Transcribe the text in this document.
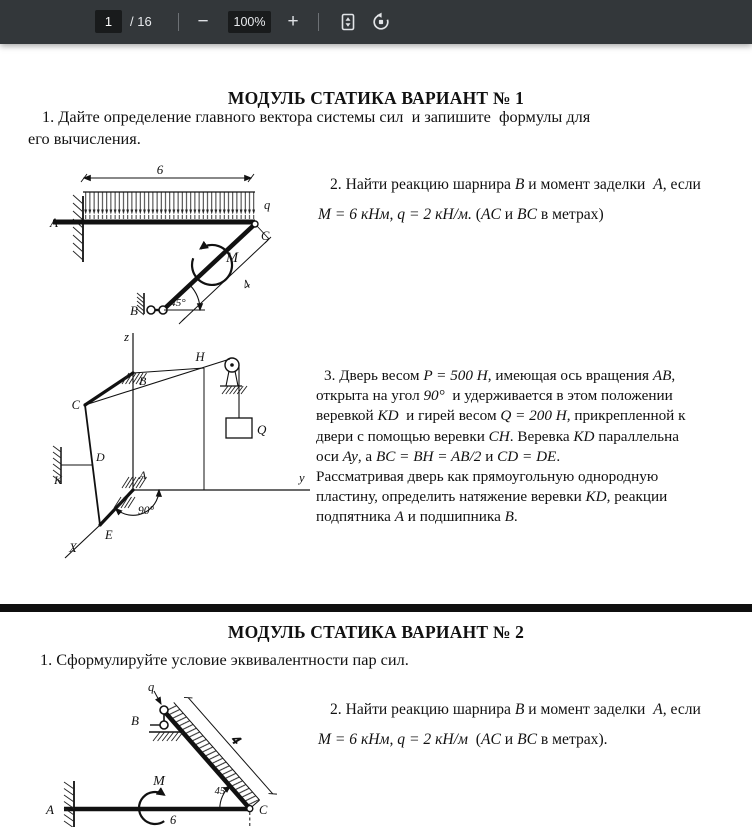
1
/ 16	−	100%	+
МОДУЛЬ СТАТИКА ВАРИАНТ № 1
1. Дайте определение главного вектора системы сил  и запишите  формулы для
его вычисления.
6
q
A
C
M
45°
4
B
2. Найти реакцию шарнира B и момент заделки  A, если
M = 6 кНм, q = 2 кН/м. (AC и BC в метрах)
z
B
H
C
D
E
A
К
Q
y
X
90°
3. Дверь весом P = 500 Н, имеющая ось вращения AB,
открыта на угол 90°  и удерживается в этом положении
веревкой KD  и гирей весом Q = 200 Н, прикрепленной к
двери с помощью веревки CH. Веревка KD параллельна
оси Ay, а BC = BH = AB/2 и CD = DE.
Рассматривая дверь как прямоугольную однородную
пластину, определить натяжение веревки KD, реакции
подпятника A и подшипника B.
МОДУЛЬ СТАТИКА ВАРИАНТ № 2
1. Сформулируйте условие эквивалентности пар сил.
4
q
B
45°
C
M
A
6
2. Найти реакцию шарнира B и момент заделки  A, если
M = 6 кНм, q = 2 кН/м  (AC и BC в метрах).
